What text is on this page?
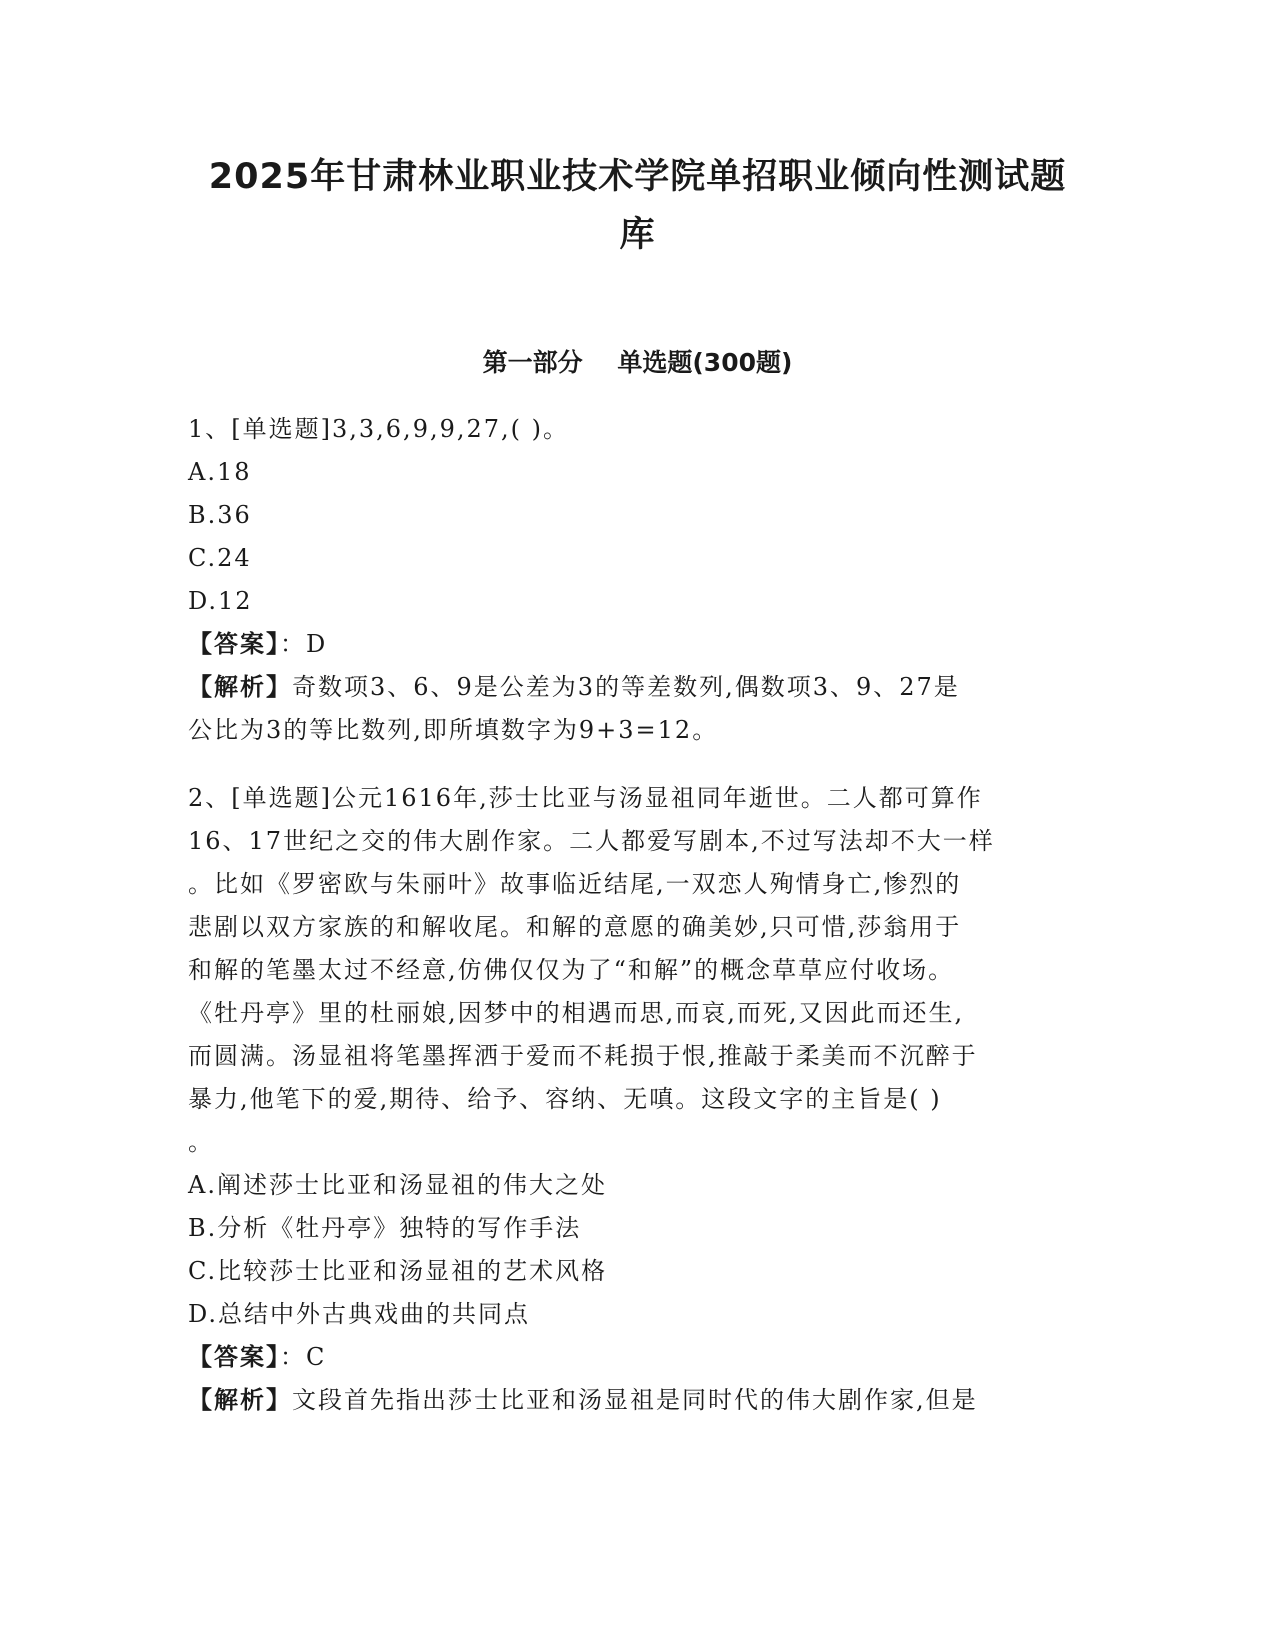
2025年甘肃林业职业技术学院单招职业倾向性测试题
库
第一部分    单选题(300题)

1、[单选题]3,3,6,9,9,27,( )。

A.18

B.36

C.24

D.12

【答案】：D

【解析】奇数项3、6、9是公差为3的等差数列,偶数项3、9、27是

公比为3的等比数列,即所填数字为9+3=12。

2、[单选题]公元1616年,莎士比亚与汤显祖同年逝世。二人都可算作

16、17世纪之交的伟大剧作家。二人都爱写剧本,不过写法却不大一样

。比如《罗密欧与朱丽叶》故事临近结尾,一双恋人殉情身亡,惨烈的

悲剧以双方家族的和解收尾。和解的意愿的确美妙,只可惜,莎翁用于

和解的笔墨太过不经意,仿佛仅仅为了“和解”的概念草草应付收场。

《牡丹亭》里的杜丽娘,因梦中的相遇而思,而哀,而死,又因此而还生,

而圆满。汤显祖将笔墨挥洒于爱而不耗损于恨,推敲于柔美而不沉醉于

暴力,他笔下的爱,期待、给予、容纳、无嗔。这段文字的主旨是( )

。

A.阐述莎士比亚和汤显祖的伟大之处

B.分析《牡丹亭》独特的写作手法

C.比较莎士比亚和汤显祖的艺术风格

D.总结中外古典戏曲的共同点

【答案】：C

【解析】文段首先指出莎士比亚和汤显祖是同时代的伟大剧作家,但是
